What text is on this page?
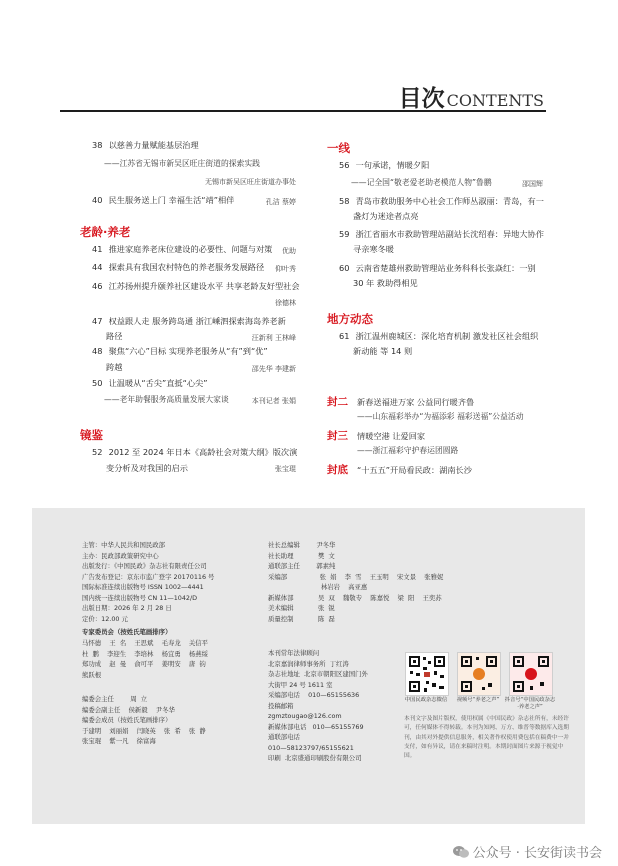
目次 CONTENTS
38 以慈善力量赋能基层治理
——江苏省无锡市新吴区旺庄街道的探索实践
无锡市新吴区旺庄街道办事处
40 民生服务送上门 幸福生活“靖”相伴	孔洁 蔡婷
老龄·养老
41 推进家庭养老床位建设的必要性、问题与对策 优助
44 探索具有我国农村特色的养老服务发展路径 仰叶秀
46 江苏扬州提升颐养社区建设水平 共享老龄友好型社会
徐德林
47 权益跟人走 服务跨岛通 浙江嵊泗探索海岛养老新
路径	汪新利 王林峰
48 聚焦“六心”目标 实现养老服务从“有”到“优”
跨越	邵先华 李建新
50 让温暖从“舌尖”直抵“心尖”
——老年助餐服务高质量发展大家谈	本刊记者 张娟
镜鉴
52 2012 至 2024 年日本《高龄社会对策大纲》版次演
变分析及对我国的启示	张宝琨
一线
56 一句承诺，情暖夕阳
——记全国“敬老爱老助老模范人物”鲁鹏	邵国辉
58 青岛市救助服务中心社会工作师丛淑丽：青岛，有一
盏灯为迷途者点亮
59 浙江省丽水市救助管理站副站长沈绍春：异地大协作
寻亲寒冬暖
60 云南省楚雄州救助管理站业务科科长张焱红：一别
30 年 救助得相见
地方动态
61 浙江温州鹿城区：深化培育机制 激发社区社会组织
新动能 等 14 则
封二 新春送福进万家 公益同行暖齐鲁
——山东福彩举办“为福添彩 福彩送福”公益活动
封三 情暖空港 让爱回家
——浙江福彩守护春运团圆路
封底 “十五五”开局看民政：湖南长沙
主管：中华人民共和国民政部
主办：民政部政策研究中心
出版发行：《中国民政》杂志社有限责任公司
广告发布登记：京东市监广登字 20170116 号
国际标准连续出版物号 ISSN 1002—4441
国内统一连续出版物号 CN 11—1042/D
出版日期：2026 年 2 月 28 日
定价：12.00 元
专家委员会（按姓氏笔画排序）
马怀德    王  名    王思斌    毛寿龙    关信平
杜  鹏    李迎生    李培林    杨宜勇    杨燕绥
郑功成    赵  曼    俞可平    姜明安    唐  钧
熊跃根
编委会主任        周  立
编委会副主任    侯新毅    尹冬华
编委会成员（按姓氏笔画排序）
于建明    刘丽娟    闫晓英    张  希    张  静
张宝琨    紫一凡    徐富海
社长总编辑        尹冬华
社长助理            樊  文
通联部主任        郭素纯
采编部                张  娟    李  雪    王玉明    宋文景    张雅妮
林岩岩    高亚惠
新媒体部            吴  双    魏敬专    陈嘉悦    梁  阳    王奕苏
美术编辑            张  锐
质量控制            陈  磊
本刊常年法律顾问
北京嘉润律师事务所  丁红涛
杂志社地址  北京市朝阳区建国门外
大街甲 24 号 1611 室
采编部电话    010—65155636
投稿邮箱
zgmztougao@126.com
新媒体部电话   010—65155769
通联部电话
010—58123797/65155621
印刷  北京盛通印刷股份有限公司
中国民政杂志微信	视频号“养老之声”	抖音号“中国民政杂志·养老之声”
本刊文字及图片版权，使用权属《中国民政》杂志社所有，未经许可，任何媒体不得转载。本刊为知网、万方、维普等数据库入选期刊，由其对外提供信息服务，相关著作权使用费包括在稿费中一并支付，如有异议，请在来稿时注明。本期封面图片来源于视觉中国。
公众号 · 长安街读书会
